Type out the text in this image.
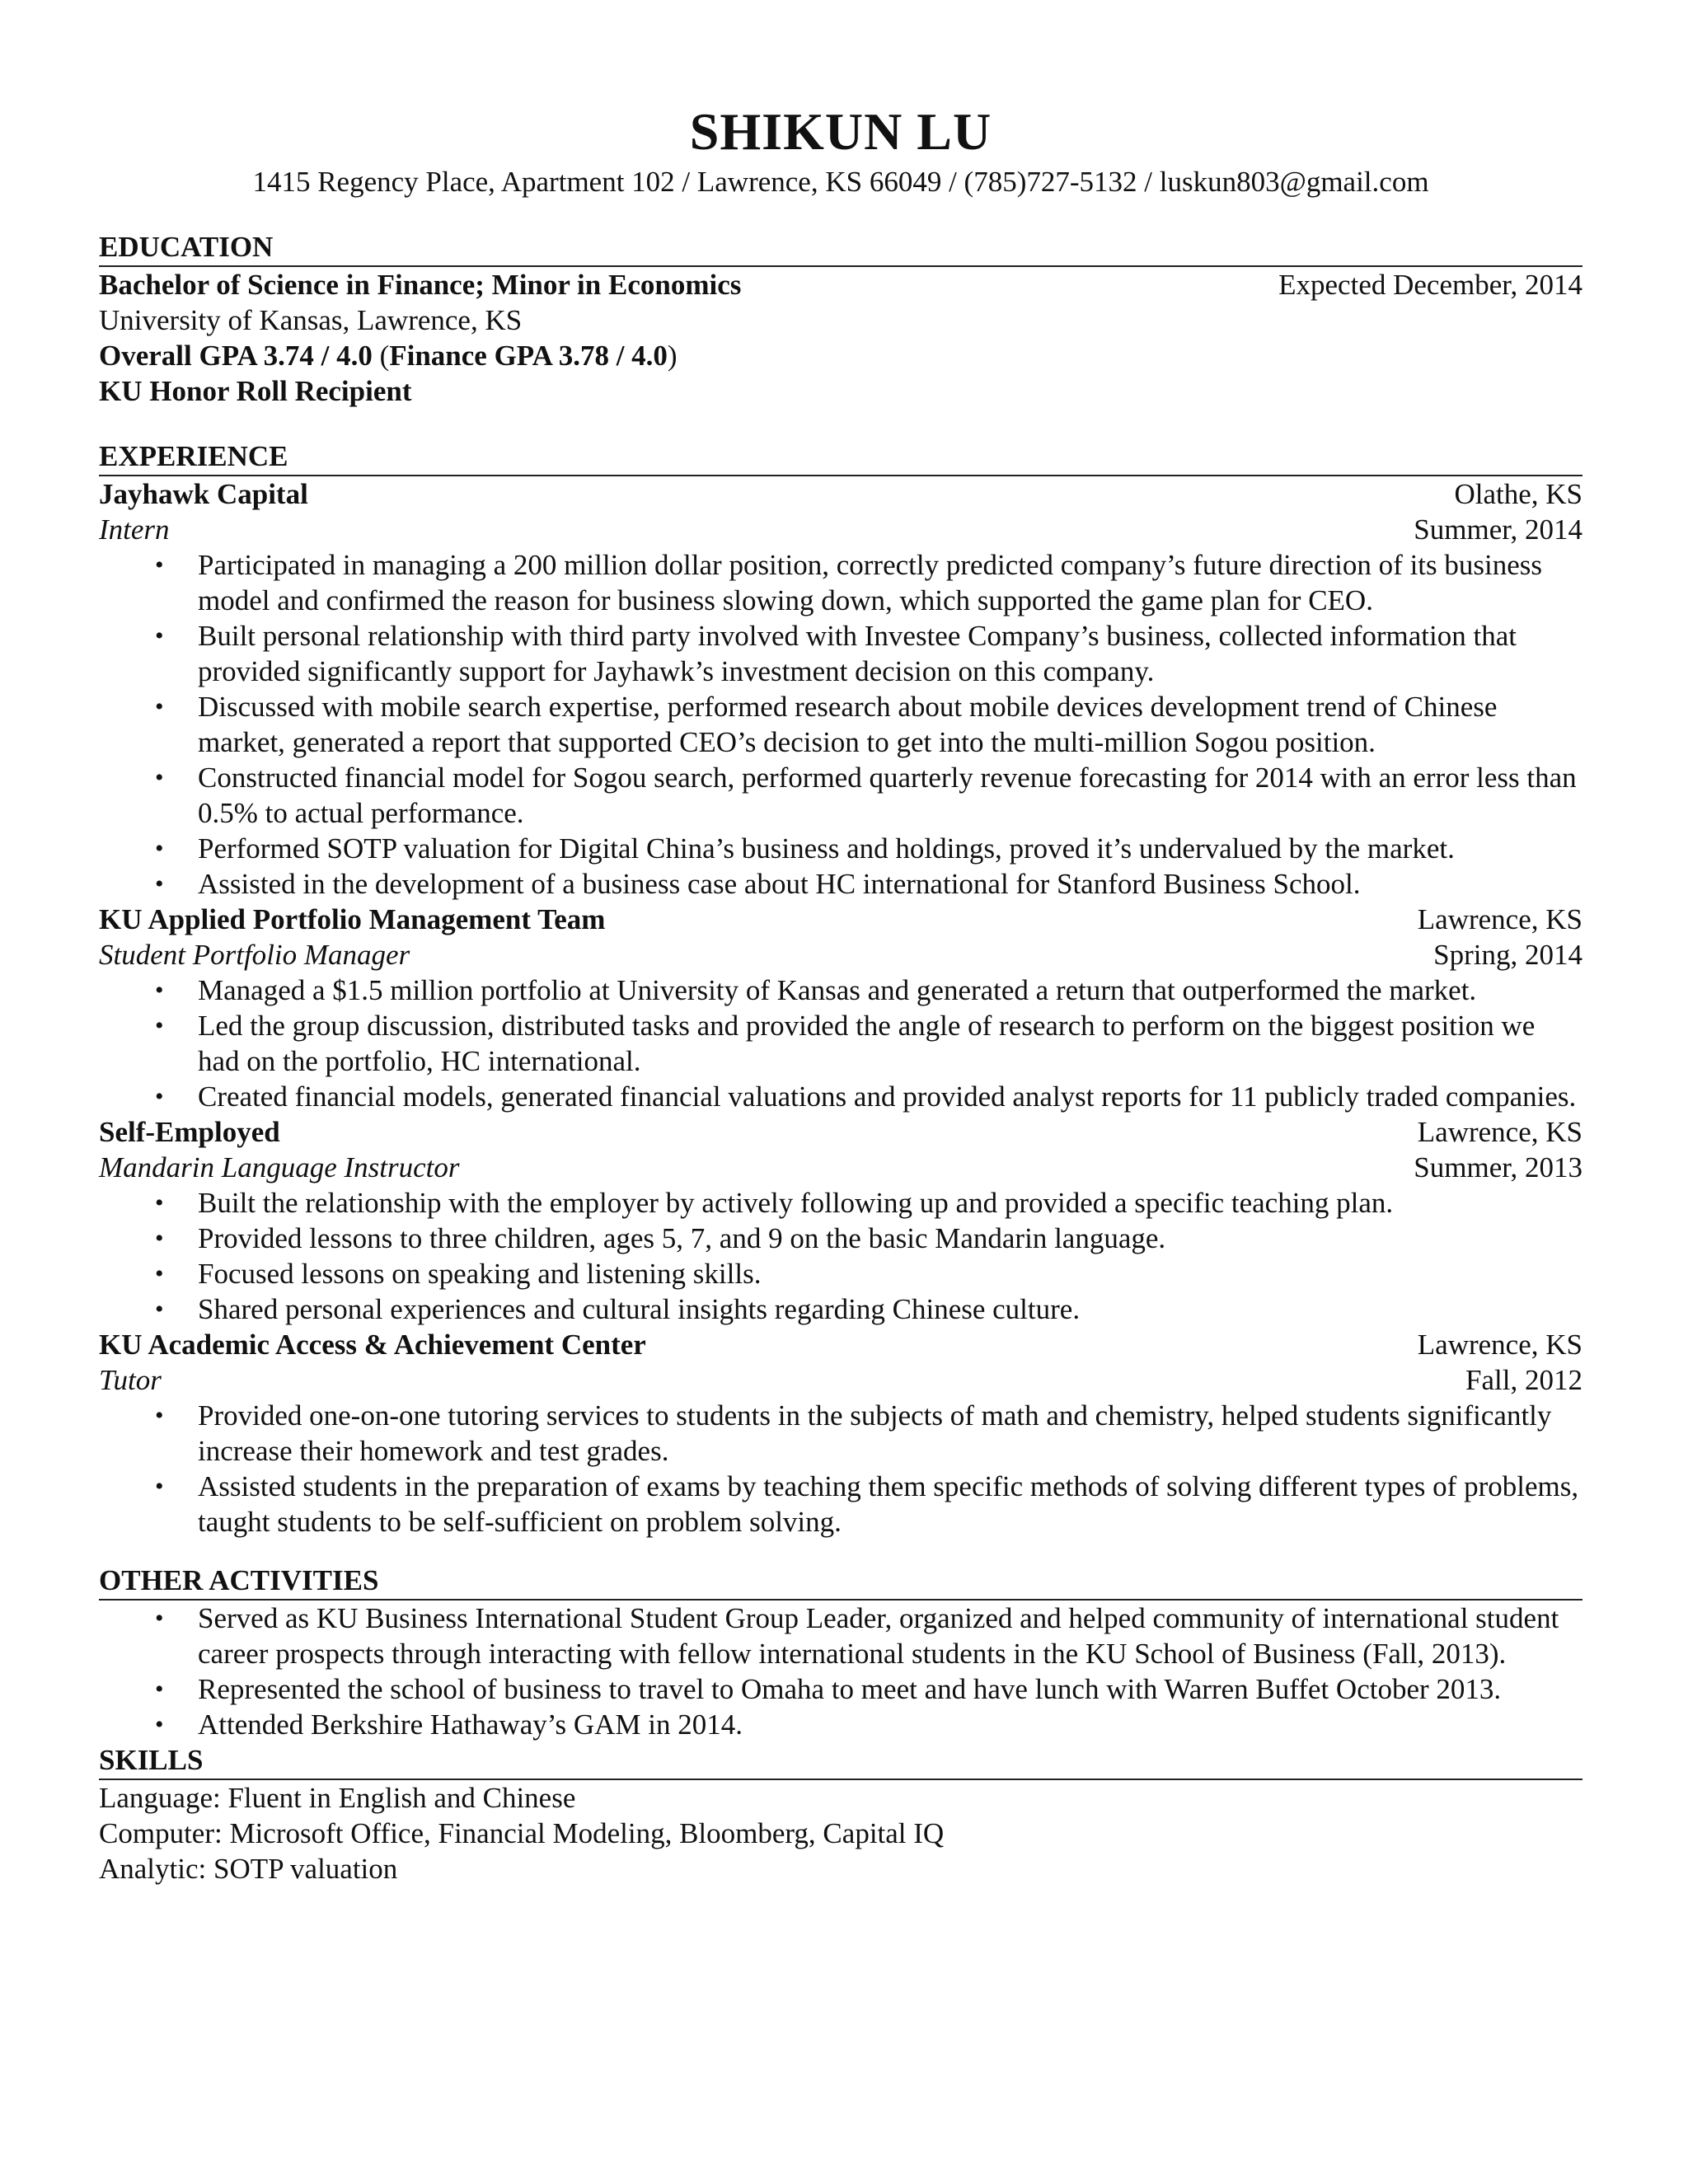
SHIKUN LU

1415 Regency Place, Apartment 102 / Lawrence, KS 66049 / (785)727-5132 / luskun803@gmail.com

EDUCATION
Bachelor of Science in Finance; Minor in Economics	Expected December, 2014

University of Kansas, Lawrence, KS

Overall GPA 3.74 / 4.0 (Finance GPA 3.78 / 4.0)

KU Honor Roll Recipient

EXPERIENCE
Jayhawk Capital	Olathe, KS
Intern	Summer, 2014
• Participated in managing a 200 million dollar position, correctly predicted company’s future direction of its business model and confirmed the reason for business slowing down, which supported the game plan for CEO.
• Built personal relationship with third party involved with Investee Company’s business, collected information that provided significantly support for Jayhawk’s investment decision on this company.
• Discussed with mobile search expertise, performed research about mobile devices development trend of Chinese market, generated a report that supported CEO’s decision to get into the multi-million Sogou position.
• Constructed financial model for Sogou search, performed quarterly revenue forecasting for 2014 with an error less than 0.5% to actual performance.
• Performed SOTP valuation for Digital China’s business and holdings, proved it’s undervalued by the market.
• Assisted in the development of a business case about HC international for Stanford Business School.
KU Applied Portfolio Management Team	Lawrence, KS
Student Portfolio Manager	Spring, 2014
• Managed a $1.5 million portfolio at University of Kansas and generated a return that outperformed the market.
• Led the group discussion, distributed tasks and provided the angle of research to perform on the biggest position we had on the portfolio, HC international.
• Created financial models, generated financial valuations and provided analyst reports for 11 publicly traded companies.
Self-Employed	Lawrence, KS
Mandarin Language Instructor	Summer, 2013
• Built the relationship with the employer by actively following up and provided a specific teaching plan.
• Provided lessons to three children, ages 5, 7, and 9 on the basic Mandarin language.
• Focused lessons on speaking and listening skills.
• Shared personal experiences and cultural insights regarding Chinese culture.
KU Academic Access & Achievement Center	Lawrence, KS
Tutor	Fall, 2012
• Provided one-on-one tutoring services to students in the subjects of math and chemistry, helped students significantly increase their homework and test grades.
• Assisted students in the preparation of exams by teaching them specific methods of solving different types of problems, taught students to be self-sufficient on problem solving.
OTHER ACTIVITIES
• Served as KU Business International Student Group Leader, organized and helped community of international student career prospects through interacting with fellow international students in the KU School of Business (Fall, 2013).
• Represented the school of business to travel to Omaha to meet and have lunch with Warren Buffet October 2013.
• Attended Berkshire Hathaway’s GAM in 2014.
SKILLS

Language: Fluent in English and Chinese

Computer: Microsoft Office, Financial Modeling, Bloomberg, Capital IQ

Analytic: SOTP valuation
